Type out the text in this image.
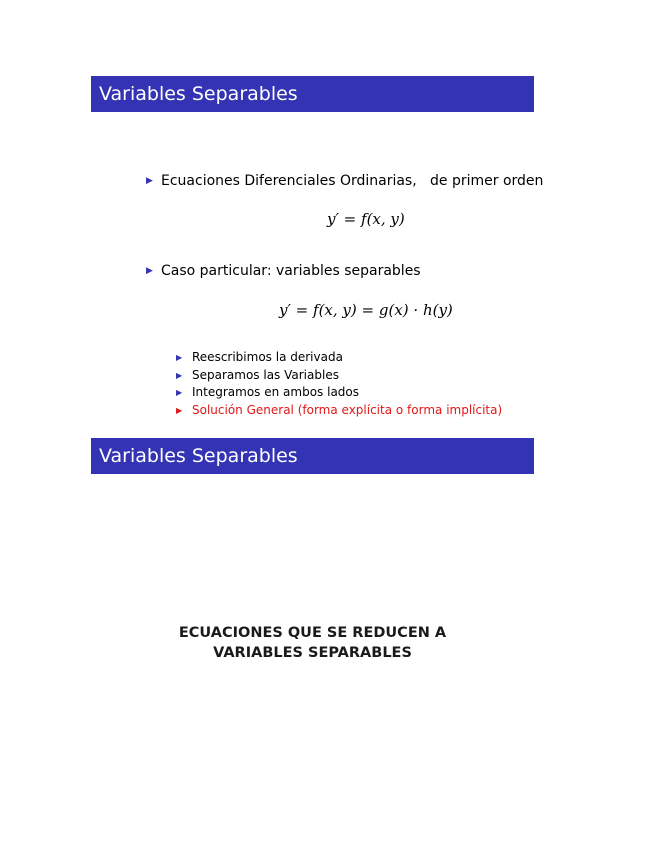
Variables Separables
▶ Ecuaciones Diferenciales Ordinarias,   de primer orden
y′ = f(x, y)
▶ Caso particular: variables separables
y′ = f(x, y) = g(x) · h(y)
▶ Reescribimos la derivada
▶ Separamos las Variables
▶ Integramos en ambos lados
▶ Solución General (forma explícita o forma implícita)
Variables Separables
ECUACIONES QUE SE REDUCEN A
VARIABLES SEPARABLES
